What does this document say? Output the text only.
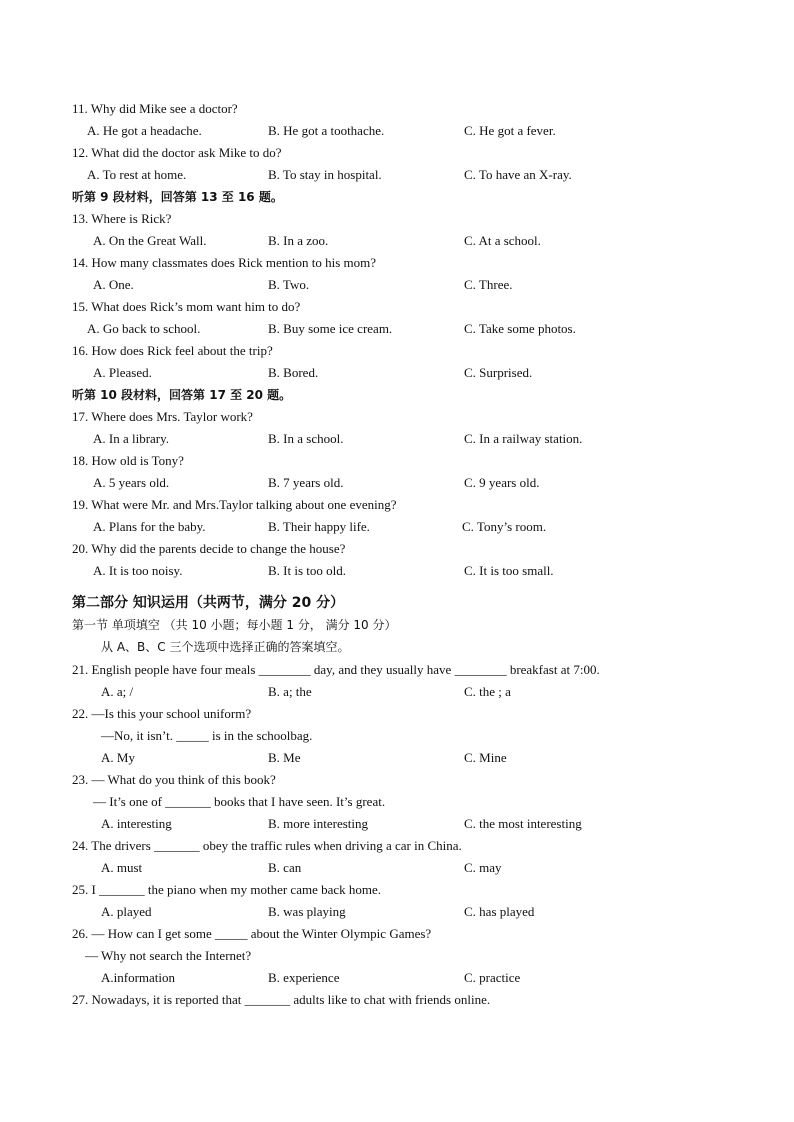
11. Why did Mike see a doctor?
A. He got a headache.	B. He got a toothache.	C. He got a fever.
12. What did the doctor ask Mike to do?
A. To rest at home.	B. To stay in hospital.	C. To have an X-ray.
听第 9 段材料，回答第 13 至 16 题。
13. Where is Rick?
A. On the Great Wall.	B. In a zoo.	C. At a school.
14. How many classmates does Rick mention to his mom?
A. One.	B. Two.	C. Three.
15. What does Rick’s mom want him to do?
A. Go back to school.	B. Buy some ice cream.	C. Take some photos.
16. How does Rick feel about the trip?
A. Pleased.	B. Bored.	C. Surprised.
听第 10 段材料，回答第 17 至 20 题。
17. Where does Mrs. Taylor work?
A. In a library.	B. In a school.	C. In a railway station.
18. How old is Tony?
A. 5 years old.	B. 7 years old.	C. 9 years old.
19. What were Mr. and Mrs.Taylor talking about one evening?
A. Plans for the baby.	B. Their happy life.	C. Tony’s room.
20. Why did the parents decide to change the house?
A. It is too noisy.	B. It is too old.	C. It is too small.
第二部分 知识运用（共两节，满分 20 分）
第一节 单项填空 （共 10 小题；每小题 1 分， 满分 10 分）
从 A、B、C 三个选项中选择正确的答案填空。
21. English people have four meals ________ day, and they usually have ________ breakfast at 7:00.
A. a; /	B. a; the	C. the ; a
22. —Is this your school uniform?
—No, it isn’t. _____ is in the schoolbag.
A. My	B. Me	C. Mine
23. — What do you think of this book?
— It’s one of _______ books that I have seen. It’s great.
A. interesting	B. more interesting	C. the most interesting
24. The drivers _______ obey the traffic rules when driving a car in China.
A. must	B. can	C. may
25. I _______ the piano when my mother came back home.
A. played	B. was playing	C. has played
26. — How can I get some _____ about the Winter Olympic Games?
— Why not search the Internet?
A.information	B. experience	C. practice
27. Nowadays, it is reported that _______ adults like to chat with friends online.
